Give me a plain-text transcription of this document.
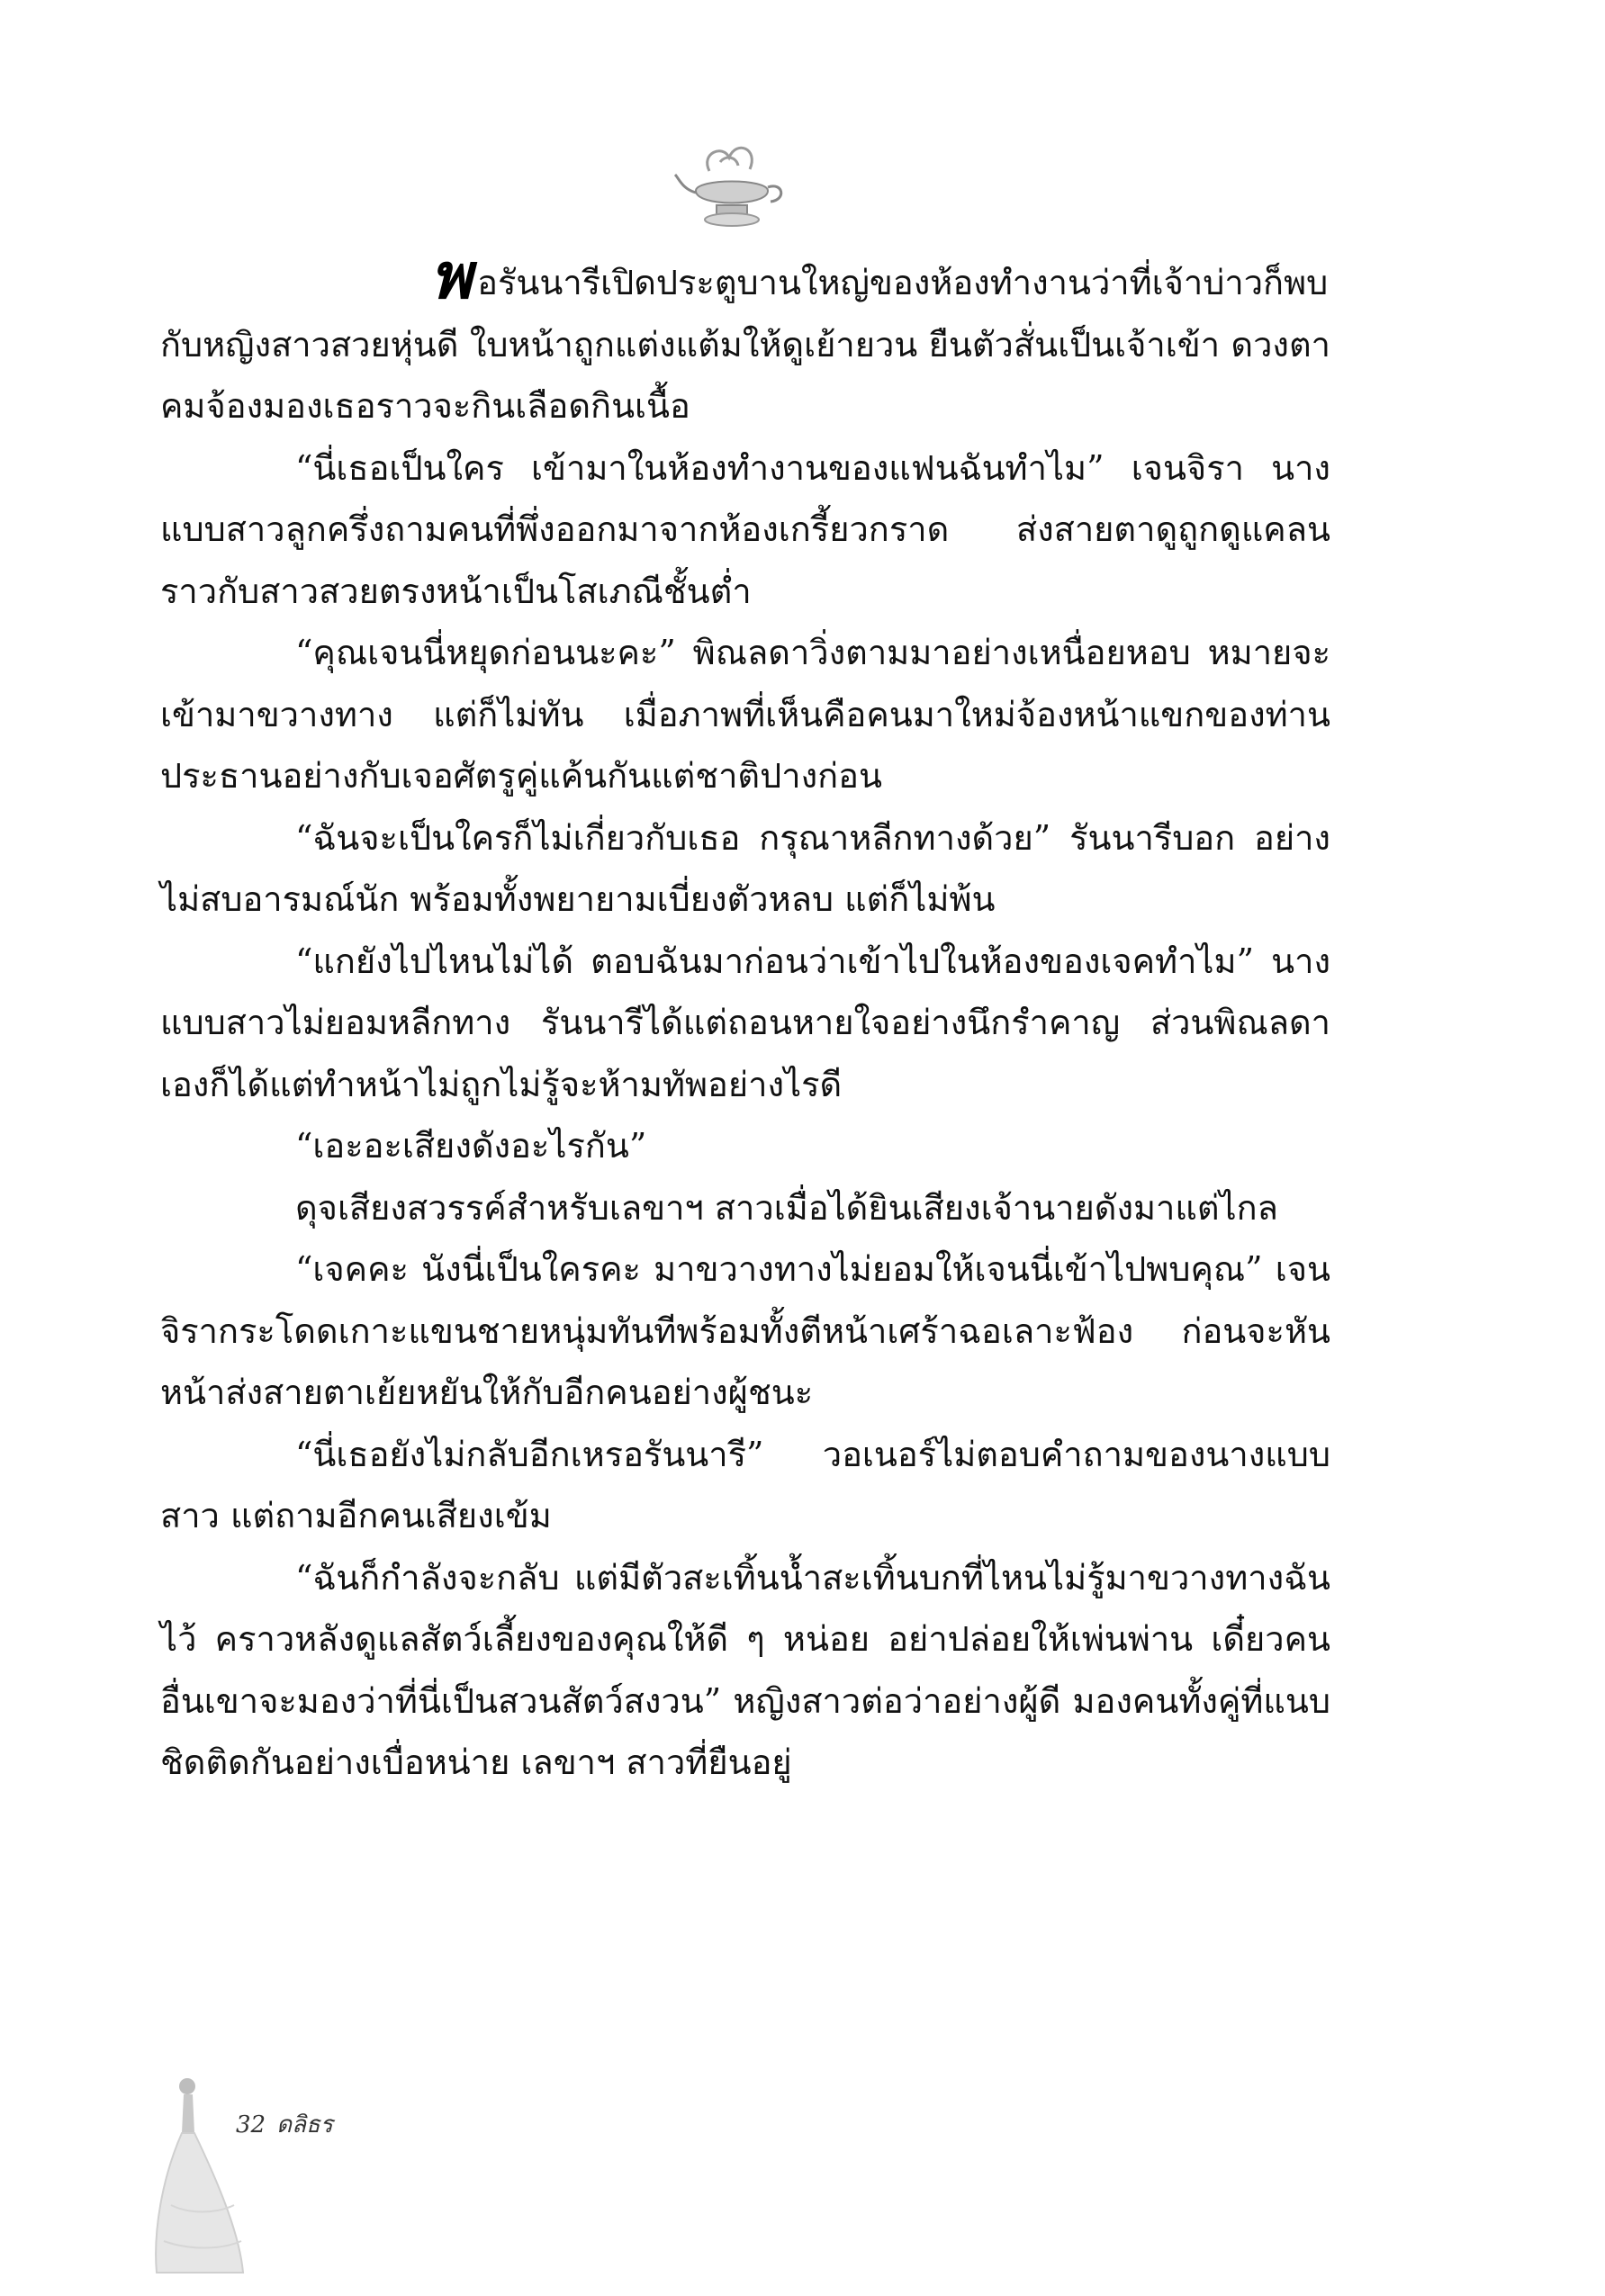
พอรันนารีเปิดประตูบานใหญ่ของห้องทำงานว่าที่เจ้าบ่าวก็พบกับหญิงสาวสวยหุ่นดี ใบหน้าถูกแต่งแต้มให้ดูเย้ายวน ยืนตัวสั่นเป็นเจ้าเข้า ดวงตาคมจ้องมองเธอราวจะกินเลือดกินเนื้อ

“นี่เธอเป็นใคร เข้ามาในห้องทำงานของแฟนฉันทำไม” เจนจิรา นางแบบสาวลูกครึ่งถามคนที่พึ่งออกมาจากห้องเกรี้ยวกราด ส่งสายตาดูถูกดูแคลนราวกับสาวสวยตรงหน้าเป็นโสเภณีชั้นต่ำ

“คุณเจนนี่หยุดก่อนนะคะ” พิณลดาวิ่งตามมาอย่างเหนื่อยหอบ หมายจะเข้ามาขวางทาง แต่ก็ไม่ทัน เมื่อภาพที่เห็นคือคนมาใหม่จ้องหน้าแขกของท่านประธานอย่างกับเจอศัตรูคู่แค้นกันแต่ชาติปางก่อน

“ฉันจะเป็นใครก็ไม่เกี่ยวกับเธอ กรุณาหลีกทางด้วย” รันนารีบอก อย่างไม่สบอารมณ์นัก พร้อมทั้งพยายามเบี่ยงตัวหลบ แต่ก็ไม่พ้น

“แกยังไปไหนไม่ได้ ตอบฉันมาก่อนว่าเข้าไปในห้องของเจคทำไม” นางแบบสาวไม่ยอมหลีกทาง รันนารีได้แต่ถอนหายใจอย่างนึกรำคาญ ส่วนพิณลดาเองก็ได้แต่ทำหน้าไม่ถูกไม่รู้จะห้ามทัพอย่างไรดี

“เอะอะเสียงดังอะไรกัน”

ดุจเสียงสวรรค์สำหรับเลขาฯ สาวเมื่อได้ยินเสียงเจ้านายดังมาแต่ไกล

“เจคคะ นังนี่เป็นใครคะ มาขวางทางไม่ยอมให้เจนนี่เข้าไปพบคุณ” เจนจิรากระโดดเกาะแขนชายหนุ่มทันทีพร้อมทั้งตีหน้าเศร้าฉอเลาะฟ้อง ก่อนจะหันหน้าส่งสายตาเย้ยหยันให้กับอีกคนอย่างผู้ชนะ

“นี่เธอยังไม่กลับอีกเหรอรันนารี” วอเนอร์ไม่ตอบคำถามของนางแบบสาว แต่ถามอีกคนเสียงเข้ม

“ฉันก็กำลังจะกลับ แต่มีตัวสะเทิ้นน้ำสะเทิ้นบกที่ไหนไม่รู้มาขวางทางฉันไว้ คราวหลังดูแลสัตว์เลี้ยงของคุณให้ดี ๆ หน่อย อย่าปล่อยให้เพ่นพ่าน เดี๋ยวคนอื่นเขาจะมองว่าที่นี่เป็นสวนสัตว์สงวน” หญิงสาวต่อว่าอย่างผู้ดี มองคนทั้งคู่ที่แนบชิดติดกันอย่างเบื่อหน่าย เลขาฯ สาวที่ยืนอยู่

32 ดลิธร
